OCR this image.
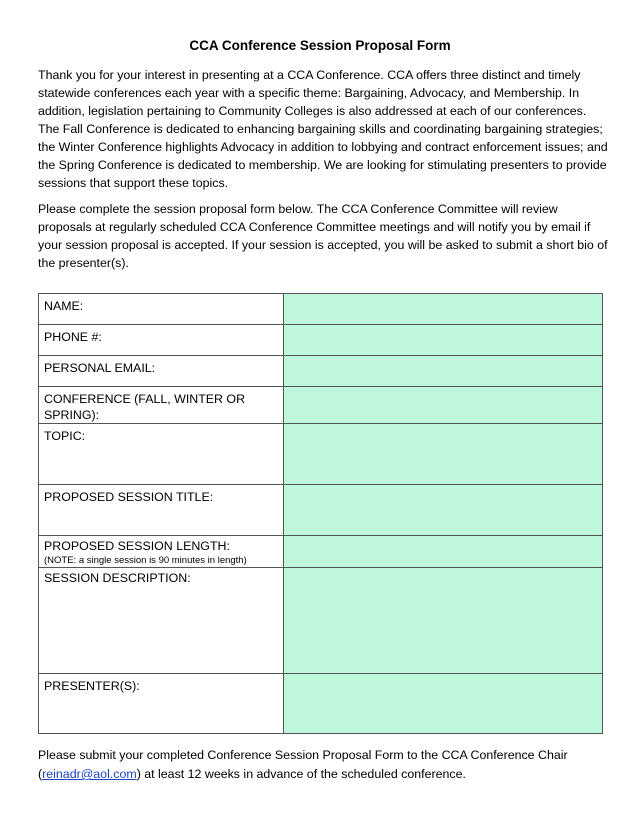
CCA Conference Session Proposal Form
Thank you for your interest in presenting at a CCA Conference. CCA offers three distinct and timely statewide conferences each year with a specific theme: Bargaining, Advocacy, and Membership. In addition, legislation pertaining to Community Colleges is also addressed at each of our conferences. The Fall Conference is dedicated to enhancing bargaining skills and coordinating bargaining strategies; the Winter Conference highlights Advocacy in addition to lobbying and contract enforcement issues; and the Spring Conference is dedicated to membership. We are looking for stimulating presenters to provide sessions that support these topics.
Please complete the session proposal form below. The CCA Conference Committee will review proposals at regularly scheduled CCA Conference Committee meetings and will notify you by email if your session proposal is accepted. If your session is accepted, you will be asked to submit a short bio of the presenter(s).
NAME:	
PHONE #:	
PERSONAL EMAIL:	
CONFERENCE (FALL, WINTER OR SPRING):	
TOPIC:	
PROPOSED SESSION TITLE:	
PROPOSED SESSION LENGTH:
(NOTE: a single session is 90 minutes in length)	

SESSION DESCRIPTION:	
PRESENTER(S):	
Please submit your completed Conference Session Proposal Form to the CCA Conference Chair (reinadr@aol.com) at least 12 weeks in advance of the scheduled conference.
